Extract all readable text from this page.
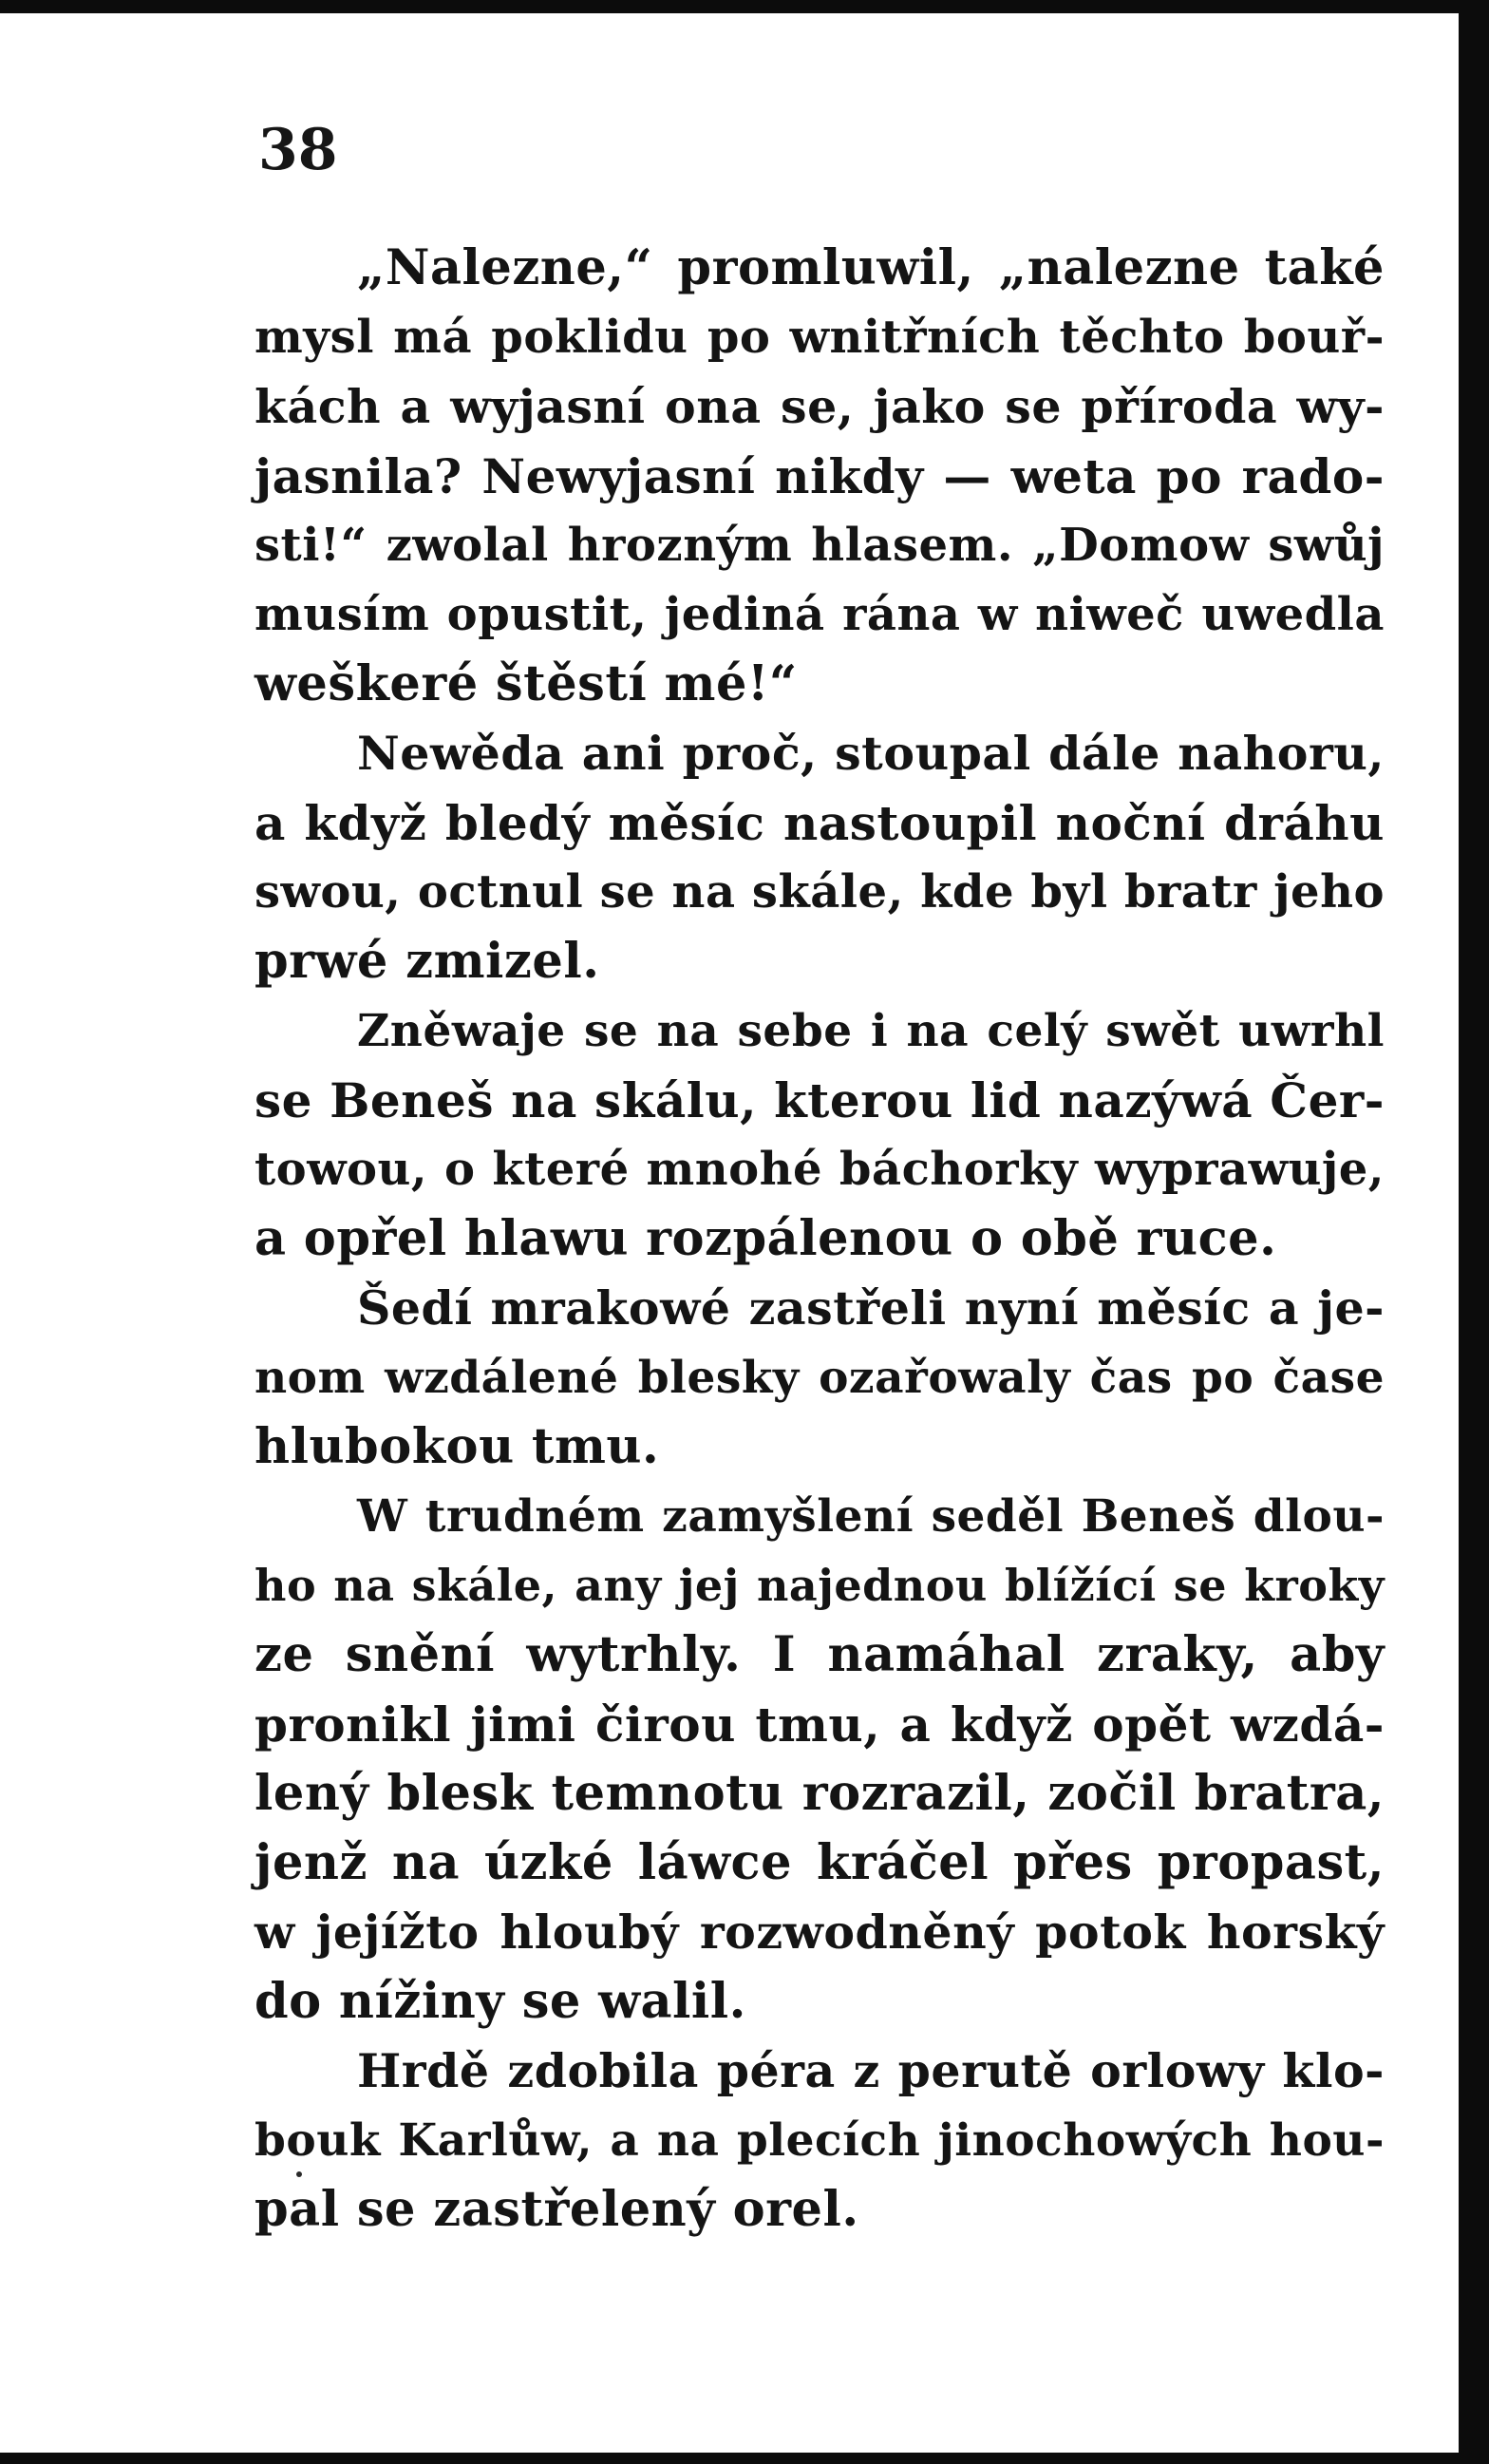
38
„Nalezne,“ promluwil, „nalezne také
mysl má poklidu po wnitřních těchto bouř-
kách a wyjasní ona se, jako se příroda wy-
jasnila? Newyjasní nikdy — weta po rado-
sti!“ zwolal hrozným hlasem. „Domow swůj
musím opustit, jediná rána w niweč uwedla
weškeré štěstí mé!“
Newěda ani proč, stoupal dále nahoru,
a když bledý měsíc nastoupil noční dráhu
swou, octnul se na skále, kde byl bratr jeho
prwé zmizel.
Zněwaje se na sebe i na celý swět uwrhl
se Beneš na skálu, kterou lid nazýwá Čer-
towou, o které mnohé báchorky wyprawuje,
a opřel hlawu rozpálenou o obě ruce.
Šedí mrakowé zastřeli nyní měsíc a je-
nom wzdálené blesky ozařowaly čas po čase
hlubokou tmu.
W trudném zamyšlení seděl Beneš dlou-
ho na skále, any jej najednou blížící se kroky
ze snění wytrhly. I namáhal zraky, aby
pronikl jimi čirou tmu, a když opět wzdá-
lený blesk temnotu rozrazil, zočil bratra,
jenž na úzké láwce kráčel přes propast,
w jejížto hloubý rozwodněný potok horský
do nížiny se walil.
Hrdě zdobila péra z perutě orlowy klo-
bouk Karlůw, a na plecích jinochowých hou-
pal se zastřelený orel.
